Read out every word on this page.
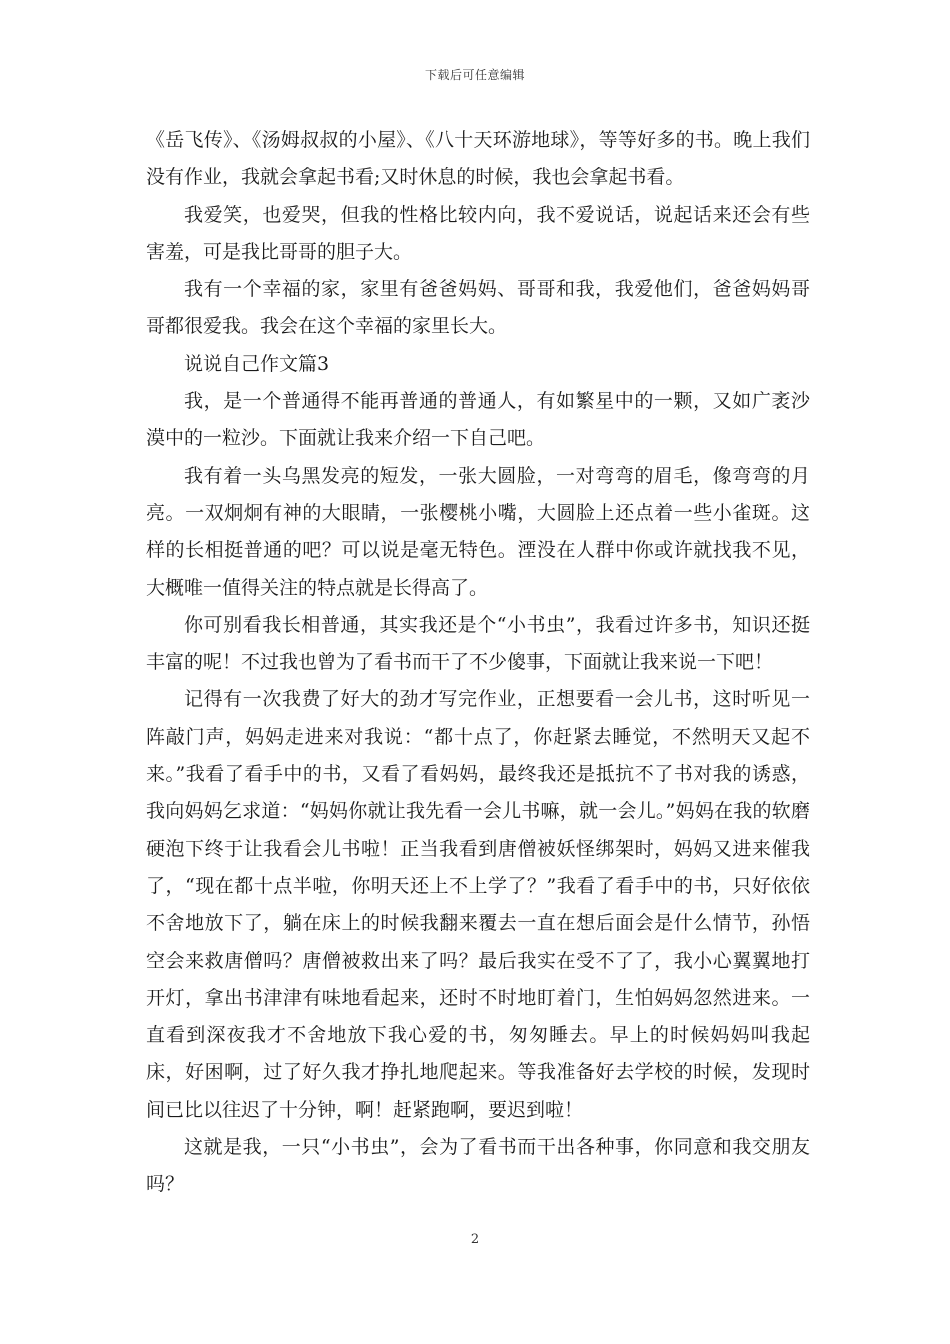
下载后可任意编辑

《岳飞传》、《汤姆叔叔的小屋》、《八十天环游地球》，等等好多的书。晚上我们没有作业，我就会拿起书看;又时休息的时候，我也会拿起书看。

我爱笑，也爱哭，但我的性格比较内向，我不爱说话，说起话来还会有些害羞，可是我比哥哥的胆子大。

我有一个幸福的家，家里有爸爸妈妈、哥哥和我，我爱他们，爸爸妈妈哥哥都很爱我。我会在这个幸福的家里长大。

说说自己作文篇3

我，是一个普通得不能再普通的普通人，有如繁星中的一颗，又如广袤沙漠中的一粒沙。下面就让我来介绍一下自己吧。

我有着一头乌黑发亮的短发，一张大圆脸，一对弯弯的眉毛，像弯弯的月亮。一双炯炯有神的大眼睛，一张樱桃小嘴，大圆脸上还点着一些小雀斑。这样的长相挺普通的吧？可以说是毫无特色。湮没在人群中你或许就找我不见，大概唯一值得关注的特点就是长得高了。

你可别看我长相普通，其实我还是个“小书虫”，我看过许多书，知识还挺丰富的呢！不过我也曾为了看书而干了不少傻事，下面就让我来说一下吧！

记得有一次我费了好大的劲才写完作业，正想要看一会儿书，这时听见一阵敲门声，妈妈走进来对我说：“都十点了，你赶紧去睡觉，不然明天又起不来。”我看了看手中的书，又看了看妈妈，最终我还是抵抗不了书对我的诱惑，我向妈妈乞求道：“妈妈你就让我先看一会儿书嘛，就一会儿。”妈妈在我的软磨硬泡下终于让我看会儿书啦！正当我看到唐僧被妖怪绑架时，妈妈又进来催我了，“现在都十点半啦，你明天还上不上学了？”我看了看手中的书，只好依依不舍地放下了，躺在床上的时候我翻来覆去一直在想后面会是什么情节，孙悟空会来救唐僧吗？唐僧被救出来了吗？最后我实在受不了了，我小心翼翼地打开灯，拿出书津津有味地看起来，还时不时地盯着门，生怕妈妈忽然进来。一直看到深夜我才不舍地放下我心爱的书，匆匆睡去。早上的时候妈妈叫我起床，好困啊，过了好久我才挣扎地爬起来。等我准备好去学校的时候，发现时间已比以往迟了十分钟，啊！赶紧跑啊，要迟到啦！

这就是我，一只“小书虫”，会为了看书而干出各种事，你同意和我交朋友吗？

2
